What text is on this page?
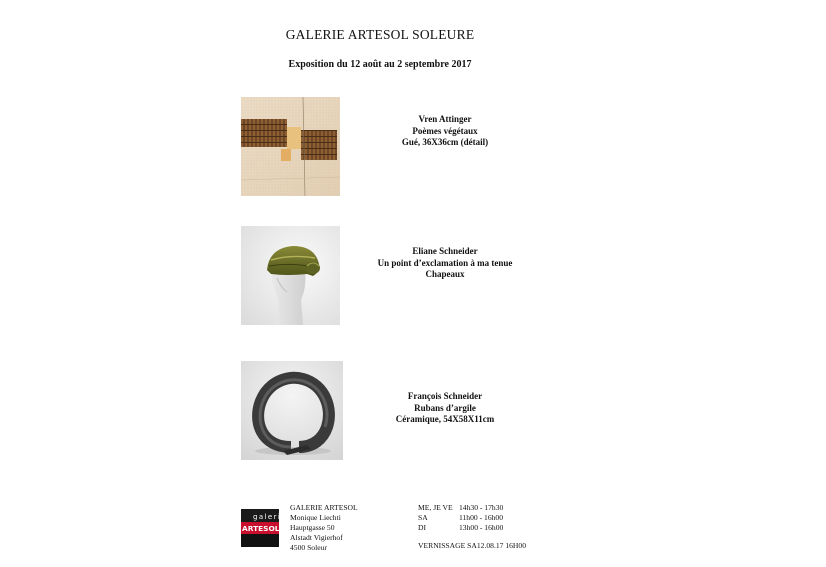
GALERIE ARTESOL SOLEURE
Exposition du 12 août au 2 septembre 2017
Vren Attinger
Poèmes végétaux
Gué, 36X36cm (détail)
Eliane Schneider
Un point d’exclamation à ma tenue
Chapeaux
François Schneider
Rubans d’argile
Céramique, 54X58X11cm
galerie
ARTESOL
GALERIE ARTESOL
Monique Liechti
Hauptgasse 50
Alstadt Vigierhof
4500 Soleur
ME, JE VE 14h30 - 17h30
SA	11h00 - 16h00
DI	13h00 - 16h00
VERNISSAGE SA12.08.17 16H00
